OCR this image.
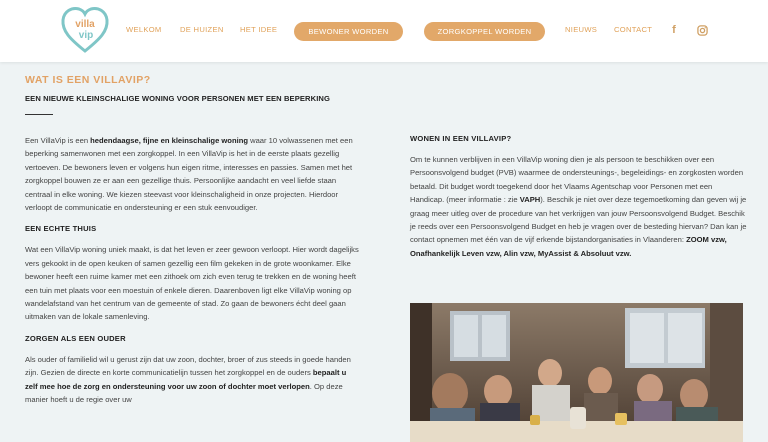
villa
vip
WELKOM DE HUIZEN HET IDEE	BEWONER WORDEN	ZORGKOPPEL WORDEN	NIEUWS CONTACT	f
WAT IS EEN VILLAVIP?
EEN NIEUWE KLEINSCHALIGE WONING VOOR PERSONEN MET EEN BEPERKING

Een VillaVip is een hedendaagse, fijne en kleinschalige woning waar 10 volwassenen met een beperking samenwonen met een zorgkoppel. In een VillaVip is het in de eerste plaats gezellig vertoeven. De bewoners leven er volgens hun eigen ritme, interesses en passies. Samen met het zorgkoppel bouwen ze er aan een gezellige thuis. Persoonlijke aandacht en veel liefde staan centraal in elke woning. We kiezen steevast voor kleinschaligheid in onze projecten. Hierdoor verloopt de communicatie en ondersteuning er een stuk eenvoudiger.

EEN ECHTE THUIS

Wat een VillaVip woning uniek maakt, is dat het leven er zeer gewoon verloopt. Hier wordt dagelijks vers gekookt in de open keuken of samen gezellig een film gekeken in de grote woonkamer. Elke bewoner heeft een ruime kamer met een zithoek om zich even terug te trekken en de woning heeft een tuin met plaats voor een moestuin of enkele dieren. Daarenboven ligt elke VillaVip woning op wandelafstand van het centrum van de gemeente of stad. Zo gaan de bewoners écht deel gaan uitmaken van de lokale samenleving.

ZORGEN ALS EEN OUDER

Als ouder of familielid wil u gerust zijn dat uw zoon, dochter, broer of zus steeds in goede handen zijn. Gezien de directe en korte communicatielijn tussen het zorgkoppel en de ouders bepaalt u zelf mee hoe de zorg en ondersteuning voor uw zoon of dochter moet verlopen. Op deze manier hoeft u de regie over uw

WONEN IN EEN VILLAVIP?

Om te kunnen verblijven in een VillaVip woning dien je als persoon te beschikken over een Persoonsvolgend budget (PVB) waarmee de ondersteunings-, begeleidings- en zorgkosten worden betaald. Dit budget wordt toegekend door het Vlaams Agentschap voor Personen met een Handicap. (meer informatie : zie VAPH). Beschik je niet over deze tegemoetkoming dan geven wij je graag meer uitleg over de procedure van het verkrijgen van jouw Persoonsvolgend Budget. Beschik je reeds over een Persoonsvolgend Budget en heb je vragen over de besteding hiervan? Dan kan je contact opnemen met één van de vijf erkende bijstandorganisaties in Vlaanderen: ZOOM vzw, Onafhankelijk Leven vzw, Alin vzw, MyAssist & Absoluut vzw.
